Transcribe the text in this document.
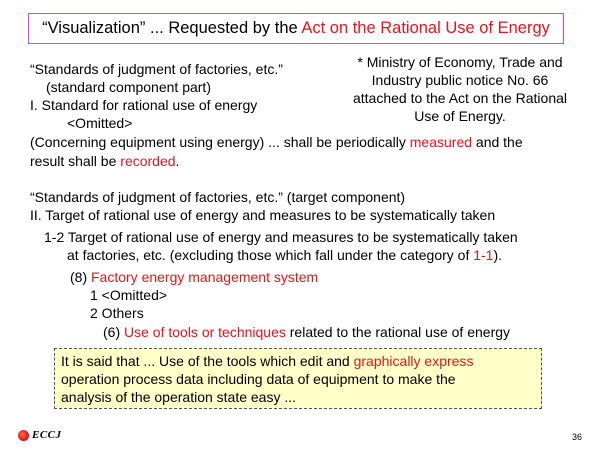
“Visualization” ... Requested by the Act on the Rational Use of Energy
“Standards of judgment of factories, etc.”
(standard component part)
I. Standard for rational use of energy
<Omitted>
(Concerning equipment using energy) ... shall be periodically measured and the
result shall be recorded.
* Ministry of Economy, Trade and
Industry public notice No. 66
attached to the Act on the Rational
Use of Energy.
“Standards of judgment of factories, etc.” (target component)
II. Target of rational use of energy and measures to be systematically taken
1-2 Target of rational use of energy and measures to be systematically taken
at factories, etc. (excluding those which fall under the category of 1-1).
(8) Factory energy management system
1 <Omitted>
2 Others
(6) Use of tools or techniques related to the rational use of energy
It is said that ... Use of the tools which edit and graphically express
operation process data including data of equipment to make the
analysis of the operation state easy ...
ECCJ	36
